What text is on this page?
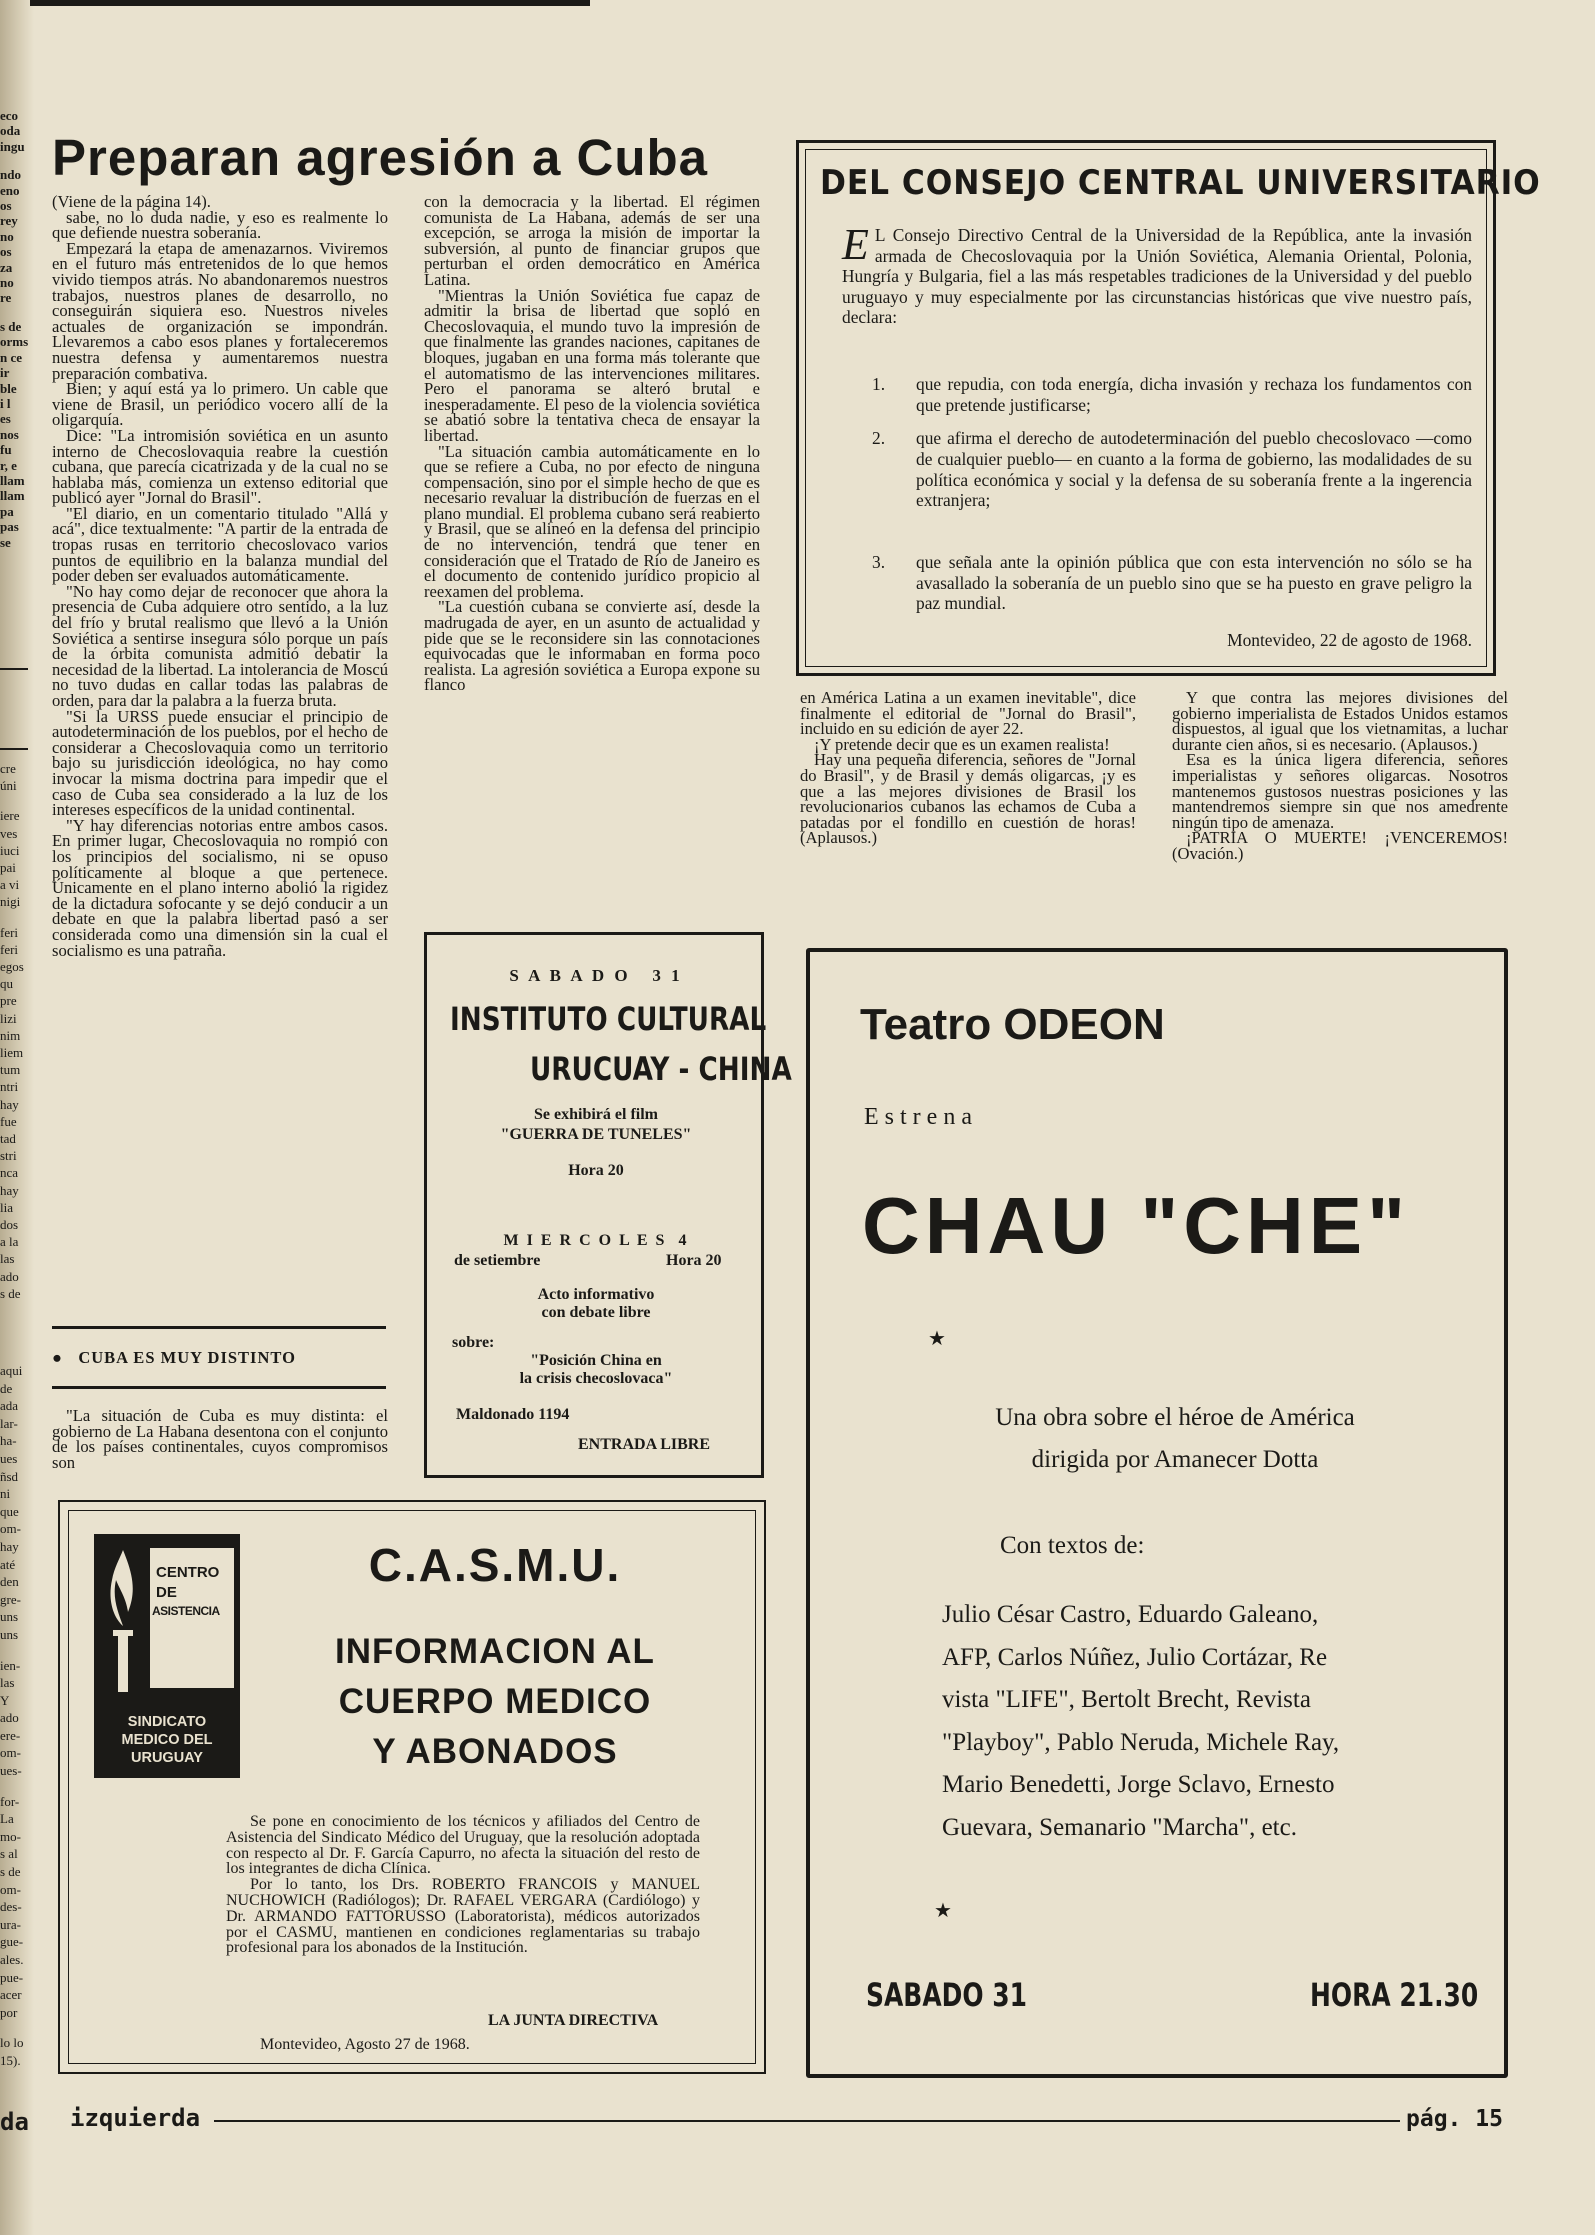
eco
oda
ingu
ndo
eno
os
rey
no
os
za
no
re
s de
orms
n ce
ir
ble
i l
es
nos
fu
r, e
llam
llam
pa
pas
se
cre
úni
iere
ves
iuci
pai
a vi
nigi
feri
feri
egos
qu
pre
lizi
nim
liem
tum
ntri
hay
fue
tad
stri
nca
hay
lia
dos
a la
las
ado
s de
aqui
de
ada
lar-
ha-
ues
ñsd
ni
que
om-
hay
até
den
gre-
uns
uns
ien-
las
Y
ado
ere-
om-
ues-
for-
La
mo-
s al
s de
om-
des-
ura-
gue-
ales.
pue-
acer
por
lo lo
15).
da
Preparan agresión a Cuba

(Viene de la página 14).

sabe, no lo duda nadie, y eso es realmente lo que defiende nuestra soberanía.

Empezará la etapa de amenazarnos. Viviremos en el futuro más entretenidos de lo que hemos vivido tiempos atrás. No abandonaremos nuestros trabajos, nuestros planes de desarrollo, no conseguirán siquiera eso. Nuestros niveles actuales de organización se impondrán. Llevaremos a cabo esos planes y fortaleceremos nuestra defensa y aumentaremos nuestra preparación combativa.

Bien; y aquí está ya lo primero. Un cable que viene de Brasil, un periódico vocero allí de la oligarquía.

Dice: "La intromisión soviética en un asunto interno de Checoslovaquia reabre la cuestión cubana, que parecía cicatrizada y de la cual no se hablaba más, comienza un extenso editorial que publicó ayer "Jornal do Brasil".

"El diario, en un comentario titulado "Allá y acá", dice textualmente: "A partir de la entrada de tropas rusas en territorio checoslovaco varios puntos de equilibrio en la balanza mundial del poder deben ser evaluados automáticamente.

"No hay como dejar de reconocer que ahora la presencia de Cuba adquiere otro sentido, a la luz del frío y brutal realismo que llevó a la Unión Soviética a sentirse insegura sólo porque un país de la órbita comunista admitió debatir la necesidad de la libertad. La intolerancia de Moscú no tuvo dudas en callar todas las palabras de orden, para dar la palabra a la fuerza bruta.

"Si la URSS puede ensuciar el principio de autodeterminación de los pueblos, por el hecho de considerar a Checoslovaquia como un territorio bajo su jurisdicción ideológica, no hay como invocar la misma doctrina para impedir que el caso de Cuba sea considerado a la luz de los intereses específicos de la unidad continental.

"Y hay diferencias notorias entre ambos casos. En primer lugar, Checoslovaquia no rompió con los principios del socialismo, ni se opuso políticamente al bloque a que pertenece. Únicamente en el plano interno abolió la rigidez de la dictadura sofocante y se dejó conducir a un debate en que la palabra libertad pasó a ser considerada como una dimensión sin la cual el socialismo es una patraña.

●   CUBA ES MUY DISTINTO

"La situación de Cuba es muy distinta: el gobierno de La Habana desentona con el conjunto de los países continentales, cuyos compromisos son

con la democracia y la libertad. El régimen comunista de La Habana, además de ser una excepción, se arroga la misión de importar la subversión, al punto de financiar grupos que perturban el orden democrático en América Latina.

"Mientras la Unión Soviética fue capaz de admitir la brisa de libertad que sopló en Checoslovaquia, el mundo tuvo la impresión de que finalmente las grandes naciones, capitanes de bloques, jugaban en una forma más tolerante que el automatismo de las intervenciones militares. Pero el panorama se alteró brutal e inesperadamente. El peso de la violencia soviética se abatió sobre la tentativa checa de ensayar la libertad.

"La situación cambia automáticamente en lo que se refiere a Cuba, no por efecto de ninguna compensación, sino por el simple hecho de que es necesario revaluar la distribución de fuerzas en el plano mundial. El problema cubano será reabierto y Brasil, que se alineó en la defensa del principio de no intervención, tendrá que tener en consideración que el Tratado de Río de Janeiro es el documento de contenido jurídico propicio al reexamen del problema.

"La cuestión cubana se convierte así, desde la madrugada de ayer, en un asunto de actualidad y pide que se le reconsidere sin las connotaciones equivocadas que le informaban en forma poco realista. La agresión soviética a Europa expone su flanco

DEL CONSEJO CENTRAL UNIVERSITARIO
E L Consejo Directivo Central de la Universidad de la República, ante la invasión armada de Checoslovaquia por la Unión Soviética, Alemania Oriental, Polonia, Hungría y Bulgaria, fiel a las más respetables tradiciones de la Universidad y del pueblo uruguayo y muy especialmente por las circunstancias históricas que vive nuestro país, declara:
1. que repudia, con toda energía, dicha invasión y rechaza los fundamentos con que pretende justificarse;
2. que afirma el derecho de autodeterminación del pueblo checoslovaco —como de cualquier pueblo— en cuanto a la forma de gobierno, las modalidades de su política económica y social y la defensa de su soberanía frente a la ingerencia extranjera;
3. que señala ante la opinión pública que con esta intervención no sólo se ha avasallado la soberanía de un pueblo sino que se ha puesto en grave peligro la paz mundial.
Montevideo, 22 de agosto de 1968.

en América Latina a un examen inevitable", dice finalmente el editorial de "Jornal do Brasil", incluido en su edición de ayer 22.

¡Y pretende decir que es un examen realista!

Hay una pequeña diferencia, señores de "Jornal do Brasil", y de Brasil y demás oligarcas, ¡y es que a las mejores divisiones de Brasil los revolucionarios cubanos las echamos de Cuba a patadas por el fondillo en cuestión de horas! (Aplausos.)

Y que contra las mejores divisiones del gobierno imperialista de Estados Unidos estamos dispuestos, al igual que los vietnamitas, a luchar durante cien años, si es necesario. (Aplausos.)

Esa es la única ligera diferencia, señores imperialistas y señores oligarcas. Nosotros mantenemos gustosos nuestras posiciones y las mantendremos siempre sin que nos amedrente ningún tipo de amenaza.

¡PATRIA O MUERTE! ¡VENCEREMOS! (Ovación.)

S A B A D O   3 1
INSTITUTO CULTURAL
URUCUAY - CHINA
Se exhibirá el film
"GUERRA DE TUNELES"
Hora 20
M I E R C O L E S  4
de setiembre	Hora 20
Acto informativo
con debate libre
sobre:
"Posición China en
la crisis checoslovaca"
Maldonado 1194
ENTRADA LIBRE
CENTRO
DE
ASISTENCIA
SINDICATO
MEDICO DEL
URUGUAY
C.A.S.M.U.
INFORMACION AL
CUERPO MEDICO
Y ABONADOS

Se pone en conocimiento de los técnicos y afiliados del Centro de Asistencia del Sindicato Médico del Uruguay, que la resolución adoptada con respecto al Dr. F. García Capurro, no afecta la situación del resto de los integrantes de dicha Clínica.

Por lo tanto, los Drs. ROBERTO FRANCOIS y MANUEL NUCHOWICH (Radiólogos); Dr. RAFAEL VERGARA (Cardiólogo) y Dr. ARMANDO FATTORUSSO (Laboratorista), médicos autorizados por el CASMU, mantienen en condiciones reglamentarias su trabajo profesional para los abonados de la Institución.

LA JUNTA DIRECTIVA
Montevideo, Agosto 27 de 1968.
Teatro ODEON
E s t r e n a
CHAU "CHE"
★
Una obra sobre el héroe de América
dirigida por Amanecer Dotta
Con textos de:
Julio César Castro, Eduardo Galeano,
AFP, Carlos Núñez, Julio Cortázar, Re
vista "LIFE", Bertolt Brecht, Revista
"Playboy", Pablo Neruda, Michele Ray,
Mario Benedetti, Jorge Sclavo, Ernesto
Guevara, Semanario "Marcha", etc.
★
SABADO 31	HORA 21.30
izquierda	pág. 15
